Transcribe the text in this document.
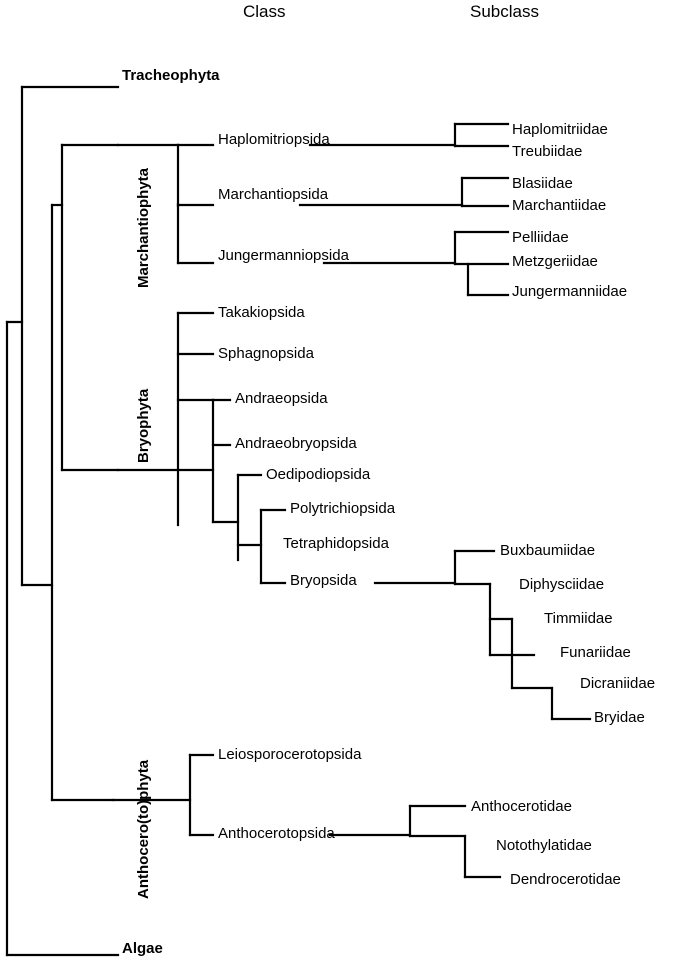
Class	Subclass
Marchantiophyta
Bryophyta
Anthocero(to)phyta
Tracheophyta
Haplomitriopsida
Marchantiopsida
Jungermanniopsida
Takakiopsida
Sphagnopsida
Andraeopsida
Andraeobryopsida
Oedipodiopsida
Polytrichiopsida
Tetraphidopsida
Bryopsida
Leiosporocerotopsida
Anthocerotopsida
Algae
Haplomitriidae
Treubiidae
Blasiidae
Marchantiidae
Pelliidae
Metzgeriidae
Jungermanniidae
Buxbaumiidae
Diphysciidae
Timmiidae
Funariidae
Dicraniidae
Bryidae
Anthocerotidae
Notothylatidae
Dendrocerotidae
